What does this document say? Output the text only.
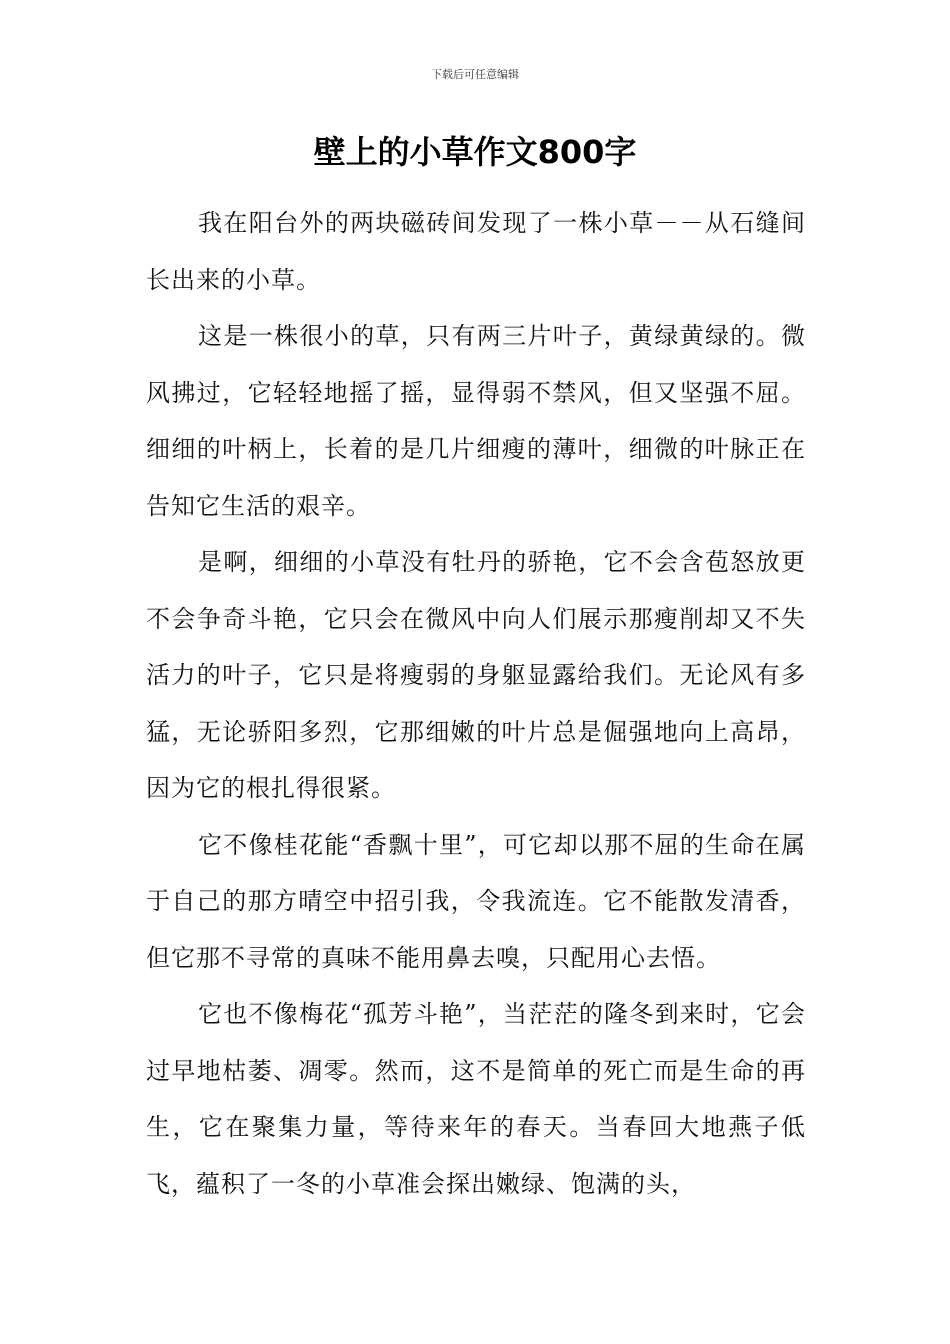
下载后可任意编辑
壁上的小草作文800字

我在阳台外的两块磁砖间发现了一株小草－－从石缝间长出来的小草。

这是一株很小的草，只有两三片叶子，黄绿黄绿的。微风拂过，它轻轻地摇了摇，显得弱不禁风，但又坚强不屈。细细的叶柄上，长着的是几片细瘦的薄叶，细微的叶脉正在告知它生活的艰辛。

是啊，细细的小草没有牡丹的骄艳，它不会含苞怒放更不会争奇斗艳，它只会在微风中向人们展示那瘦削却又不失活力的叶子，它只是将瘦弱的身躯显露给我们。无论风有多猛，无论骄阳多烈，它那细嫩的叶片总是倔强地向上高昂，因为它的根扎得很紧。

它不像桂花能“香飘十里”，可它却以那不屈的生命在属于自己的那方晴空中招引我，令我流连。它不能散发清香，但它那不寻常的真味不能用鼻去嗅，只配用心去悟。

它也不像梅花“孤芳斗艳”，当茫茫的隆冬到来时，它会过早地枯萎、凋零。然而，这不是简单的死亡而是生命的再生，它在聚集力量，等待来年的春天。当春回大地燕子低飞，蕴积了一冬的小草准会探出嫩绿、饱满的头，
